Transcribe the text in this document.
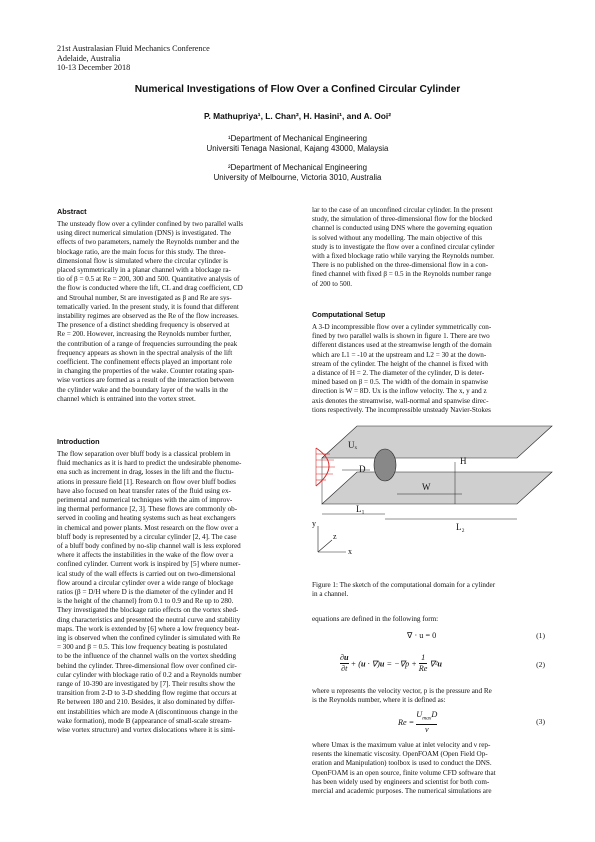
21st Australasian Fluid Mechanics Conference
Adelaide, Australia
10-13 December 2018
Numerical Investigations of Flow Over a Confined Circular Cylinder
P. Mathupriya¹, L. Chan², H. Hasini¹, and A. Ooi²
¹Department of Mechanical Engineering
Universiti Tenaga Nasional, Kajang 43000, Malaysia
²Department of Mechanical Engineering
University of Melbourne, Victoria 3010, Australia
Abstract
The unsteady flow over a cylinder confined by two parallel walls
using direct numerical simulation (DNS) is investigated. The
effects of two parameters, namely the Reynolds number and the
blockage ratio, are the main focus for this study. The three-
dimensional flow is simulated where the circular cylinder is
placed symmetrically in a planar channel with a blockage ra-
tio of β = 0.5 at Re = 200, 300 and 500. Quantitative analysis of
the flow is conducted where the lift, CL and drag coefficient, CD
and Strouhal number, St are investigated as β and Re are sys-
tematically varied. In the present study, it is found that different
instability regimes are observed as the Re of the flow increases.
The presence of a distinct shedding frequency is observed at
Re = 200. However, increasing the Reynolds number further,
the contribution of a range of frequencies surrounding the peak
frequency appears as shown in the spectral analysis of the lift
coefficient. The confinement effects played an important role
in changing the properties of the wake. Counter rotating span-
wise vortices are formed as a result of the interaction between
the cylinder wake and the boundary layer of the walls in the
channel which is entrained into the vortex street.
Introduction
The flow separation over bluff body is a classical problem in
fluid mechanics as it is hard to predict the undesirable phenome-
ena such as increment in drag, losses in the lift and the fluctu-
ations in pressure field [1]. Research on flow over bluff bodies
have also focused on heat transfer rates of the fluid using ex-
perimental and numerical techniques with the aim of improv-
ing thermal performance [2, 3]. These flows are commonly ob-
served in cooling and heating systems such as heat exchangers
in chemical and power plants. Most research on the flow over a
bluff body is represented by a circular cylinder [2, 4]. The case
of a bluff body confined by no-slip channel wall is less explored
where it affects the instabilities in the wake of the flow over a
confined cylinder. Current work is inspired by [5] where numer-
ical study of the wall effects is carried out on two-dimensional
flow around a circular cylinder over a wide range of blockage
ratios (β = D/H where D is the diameter of the cylinder and H
is the height of the channel) from 0.1 to 0.9 and Re up to 280.
They investigated the blockage ratio effects on the vortex shed-
ding characteristics and presented the neutral curve and stability
maps. The work is extended by [6] where a low frequency beat-
ing is observed when the confined cylinder is simulated with Re
= 300 and β = 0.5. This low frequency beating is postulated
to be the influence of the channel walls on the vortex shedding
behind the cylinder. Three-dimensional flow over confined cir-
cular cylinder with blockage ratio of 0.2 and a Reynolds number
range of 10-390 are investigated by [7]. Their results show the
transition from 2-D to 3-D shedding flow regime that occurs at
Re between 180 and 210. Besides, it also dominated by differ-
ent instabilities which are mode A (discontinuous change in the
wake formation), mode B (appearance of small-scale stream-
wise vortex structure) and vortex dislocations where it is simi-
lar to the case of an unconfined circular cylinder. In the present
study, the simulation of three-dimensional flow for the blocked
channel is conducted using DNS where the governing equation
is solved without any modelling. The main objective of this
study is to investigate the flow over a confined circular cylinder
with a fixed blockage ratio while varying the Reynolds number.
There is no published on the three-dimensional flow in a con-
fined channel with fixed β = 0.5 in the Reynolds number range
of 200 to 500.
Computational Setup
A 3-D incompressible flow over a cylinder symmetrically con-
fined by two parallel walls is shown in figure 1. There are two
different distances used at the streamwise length of the domain
which are L1 = -10 at the upstream and L2 = 30 at the down-
stream of the cylinder. The height of the channel is fixed with
a distance of H = 2. The diameter of the cylinder, D is deter-
mined based on β = 0.5. The width of the domain in spanwise
direction is W = 8D. Ux is the inflow velocity. The x, y and z
axis denotes the streamwise, wall-normal and spanwise direc-
tions respectively. The incompressible unsteady Navier-Stokes
Uₓ
D
H
W
L₁
L₂
y
x
z
Figure 1: The sketch of the computational domain for a cylinder
in a channel.
equations are defined in the following form:
∇ · u = 0	(1)
$\frac{\partial u}{\partial t} + (u \cdot \nabla)u = -\nabla p + 1$

Re ∇²u	(2)
where u represents the velocity vector, p is the pressure and Re
is the Reynolds number, where it is defined as:
$Re = U_{max}D$

ν
(3)
where Umax is the maximum value at inlet velocity and ν rep-
resents the kinematic viscosity. OpenFOAM (Open Field Op-
eration and Manipulation) toolbox is used to conduct the DNS.
OpenFOAM is an open source, finite volume CFD software that
has been widely used by engineers and scientist for both com-
mercial and academic purposes. The numerical simulations are
